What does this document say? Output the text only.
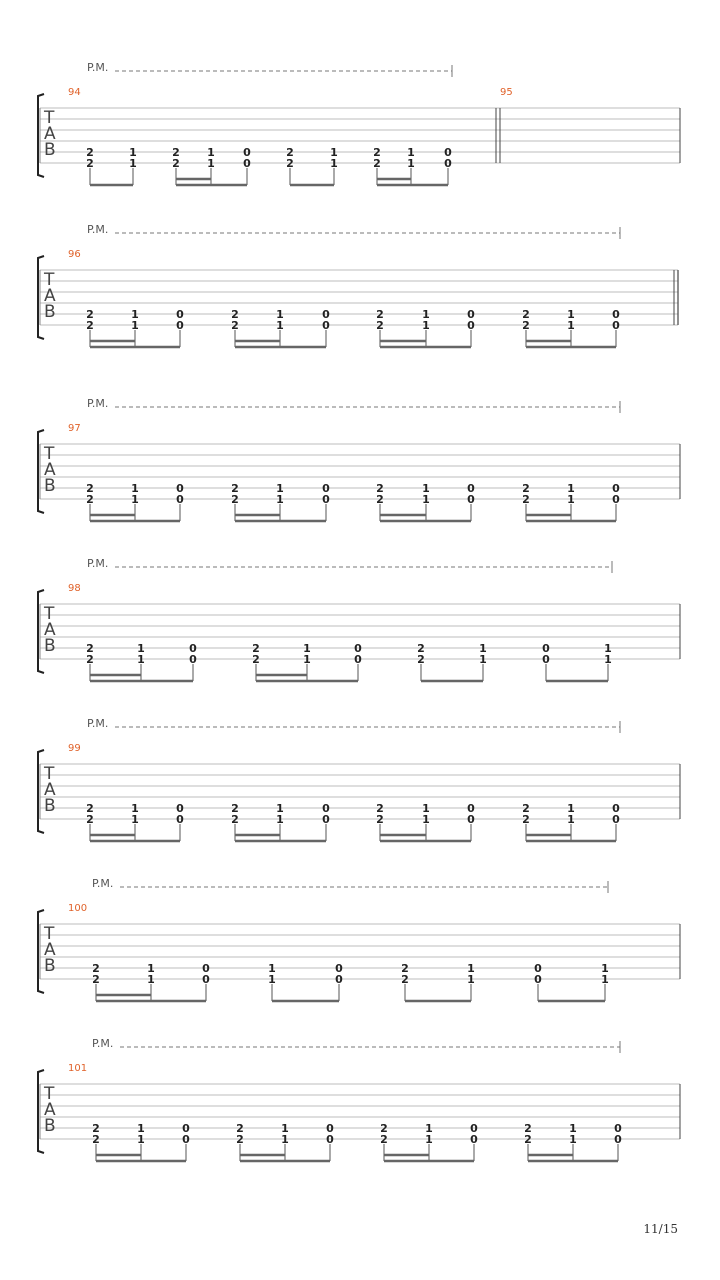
P.M.
T
A
B
94	95
2
2
1
1
2
2
1
1
0
0
2
2
1
1
2
2
1
1
0
0
P.M.
T
A
B
96
2
2
1
1
0
0
2
2
1
1
0
0
2
2
1
1
0
0
2
2
1
1
0
0
P.M.
T
A
B
97
2
2
1
1
0
0
2
2
1
1
0
0
2
2
1
1
0
0
2
2
1
1
0
0
P.M.
T
A
B
98
2
2
1
1
0
0
2
2
1
1
0
0
2
2
1
1
0
0
1
1
P.M.
T
A
B
99
2
2
1
1
0
0
2
2
1
1
0
0
2
2
1
1
0
0
2
2
1
1
0
0
P.M.
T
A
B
100
2
2
1
1
0
0
1
1
0
0
2
2
1
1
0
0
1
1
P.M.
T
A
B
101
2
2
1
1
0
0
2
2
1
1
0
0
2
2
1
1
0
0
2
2
1
1
0
0
11/15
